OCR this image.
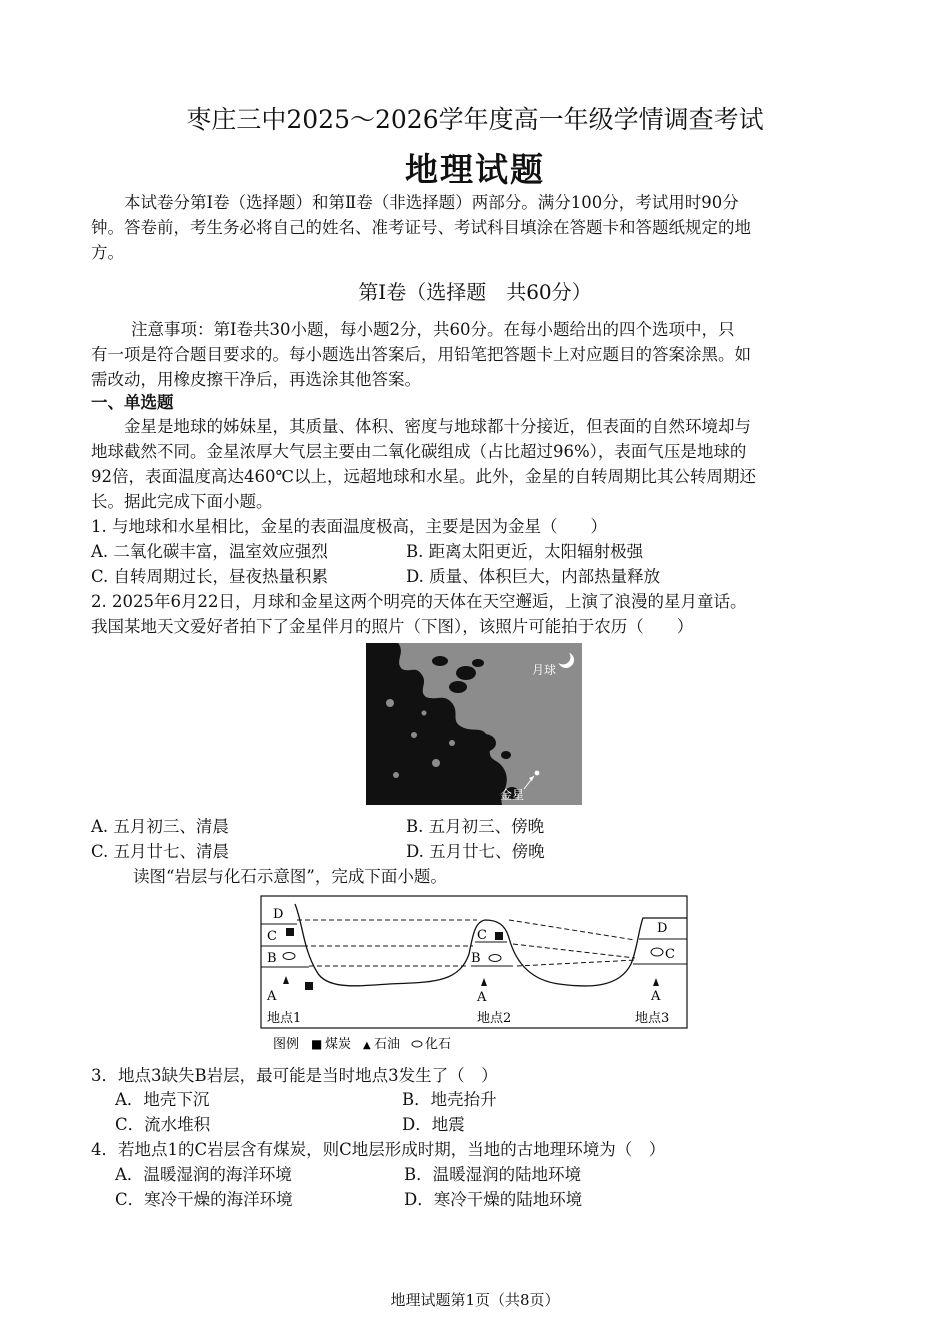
枣庄三中2025～2026学年度高一年级学情调查考试
地理试题
本试卷分第Ⅰ卷（选择题）和第Ⅱ卷（非选择题）两部分。满分100分，考试用时90分
钟。答卷前，考生务必将自己的姓名、准考证号、考试科目填涂在答题卡和答题纸规定的地
方。
第Ⅰ卷（选择题　共60分）
注意事项：第Ⅰ卷共30小题，每小题2分，共60分。在每小题给出的四个选项中，只
有一项是符合题目要求的。每小题选出答案后，用铅笔把答题卡上对应题目的答案涂黑。如
需改动，用橡皮擦干净后，再选涂其他答案。
一、单选题
金星是地球的姊妹星，其质量、体积、密度与地球都十分接近，但表面的自然环境却与
地球截然不同。金星浓厚大气层主要由二氧化碳组成（占比超过96%），表面气压是地球的
92倍，表面温度高达460℃以上，远超地球和水星。此外，金星的自转周期比其公转周期还
长。据此完成下面小题。
1. 与地球和水星相比，金星的表面温度极高，主要是因为金星（　　）
A. 二氧化碳丰富，温室效应强烈	B. 距离太阳更近，太阳辐射极强
C. 自转周期过长，昼夜热量积累	D. 质量、体积巨大，内部热量释放
2. 2025年6月22日，月球和金星这两个明亮的天体在天空邂逅，上演了浪漫的星月童话。
我国某地天文爱好者拍下了金星伴月的照片（下图），该照片可能拍于农历（　　）
月球
金星
A. 五月初三、清晨	B. 五月初三、傍晚
C. 五月廿七、清晨	D. 五月廿七、傍晚
读图“岩层与化石示意图”，完成下面小题。
D
C
B
A
C
B
A
D
C
A
地点1	地点2	地点3
图例 ■ 煤炭 ▲ 石油 化石
3．地点3缺失B岩层，最可能是当时地点3发生了（　）
A．地壳下沉	B．地壳抬升
C．流水堆积	D．地震
4．若地点1的C岩层含有煤炭，则C地层形成时期，当地的古地理环境为（　）
A．温暖湿润的海洋环境	B．温暖湿润的陆地环境
C．寒冷干燥的海洋环境	D．寒冷干燥的陆地环境
地理试题第1页（共8页）
